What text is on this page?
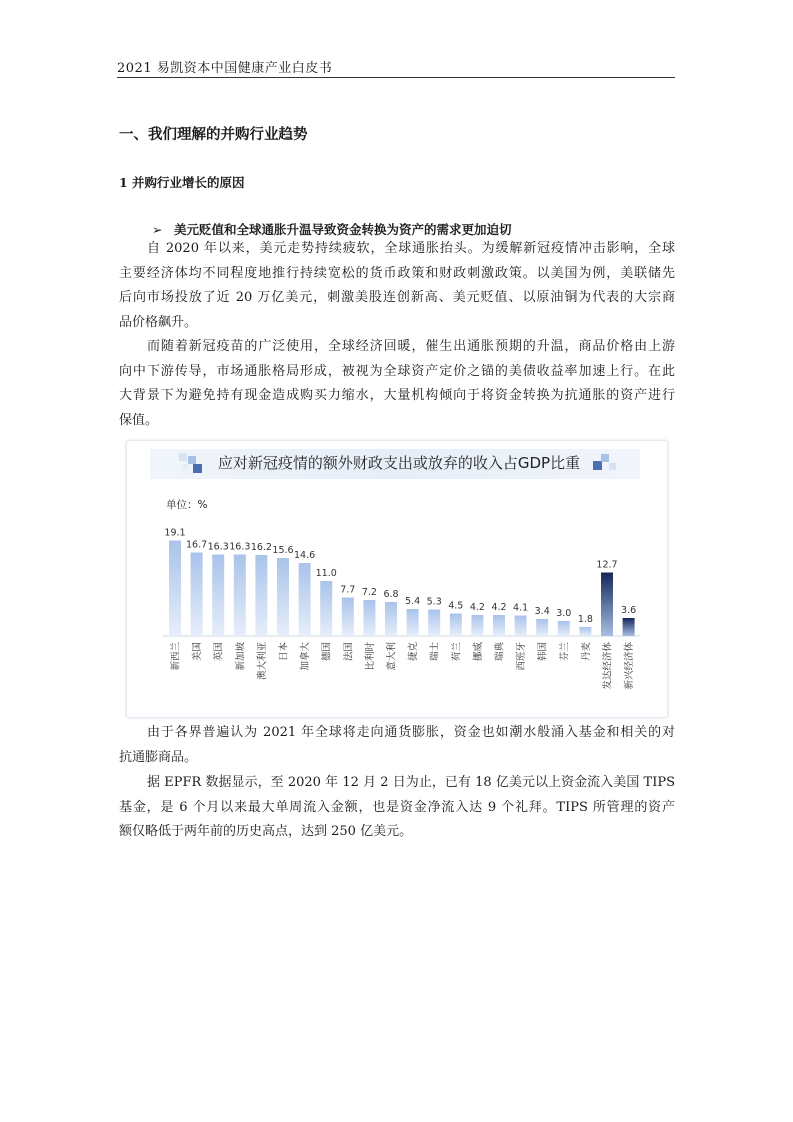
2021 易凯资本中国健康产业白皮书
一、我们理解的并购行业趋势
1 并购行业增长的原因
➢ 美元贬值和全球通胀升温导致资金转换为资产的需求更加迫切
自 2020 年以来，美元走势持续疲软，全球通胀抬头。为缓解新冠疫情冲击影响，全球
主要经济体均不同程度地推行持续宽松的货币政策和财政刺激政策。以美国为例，美联储先
后向市场投放了近 20 万亿美元，刺激美股连创新高、美元贬值、以原油铜为代表的大宗商
品价格飙升。
而随着新冠疫苗的广泛使用，全球经济回暖，催生出通胀预期的升温，商品价格由上游
向中下游传导，市场通胀格局形成，被视为全球资产定价之锚的美债收益率加速上行。在此
大背景下为避免持有现金造成购买力缩水，大量机构倾向于将资金转换为抗通胀的资产进行
保值。
应对新冠疫情的额外财政支出或放弃的收入占GDP比重
单位：%
19.1
新西兰
16.7
美国
16.3
英国
16.3
新加坡
16.2
澳大利亚
15.6
日本
14.6
加拿大
11.0
德国
7.7
法国
7.2
比利时
6.8
意大利
5.4
捷克
5.3
瑞士
4.5
荷兰
4.2
挪威
4.2
瑞典
4.1
西班牙
3.4
韩国
3.0
芬兰
1.8
丹麦
12.7
发达经济体
3.6
新兴经济体
由于各界普遍认为 2021 年全球将走向通货膨胀，资金也如潮水般涌入基金和相关的对
抗通膨商品。
据 EPFR 数据显示，至 2020 年 12 月 2 日为止，已有 18 亿美元以上资金流入美国 TIPS
基金，是 6 个月以来最大单周流入金额，也是资金净流入达 9 个礼拜。TIPS 所管理的资产
额仅略低于两年前的历史高点，达到 250 亿美元。
